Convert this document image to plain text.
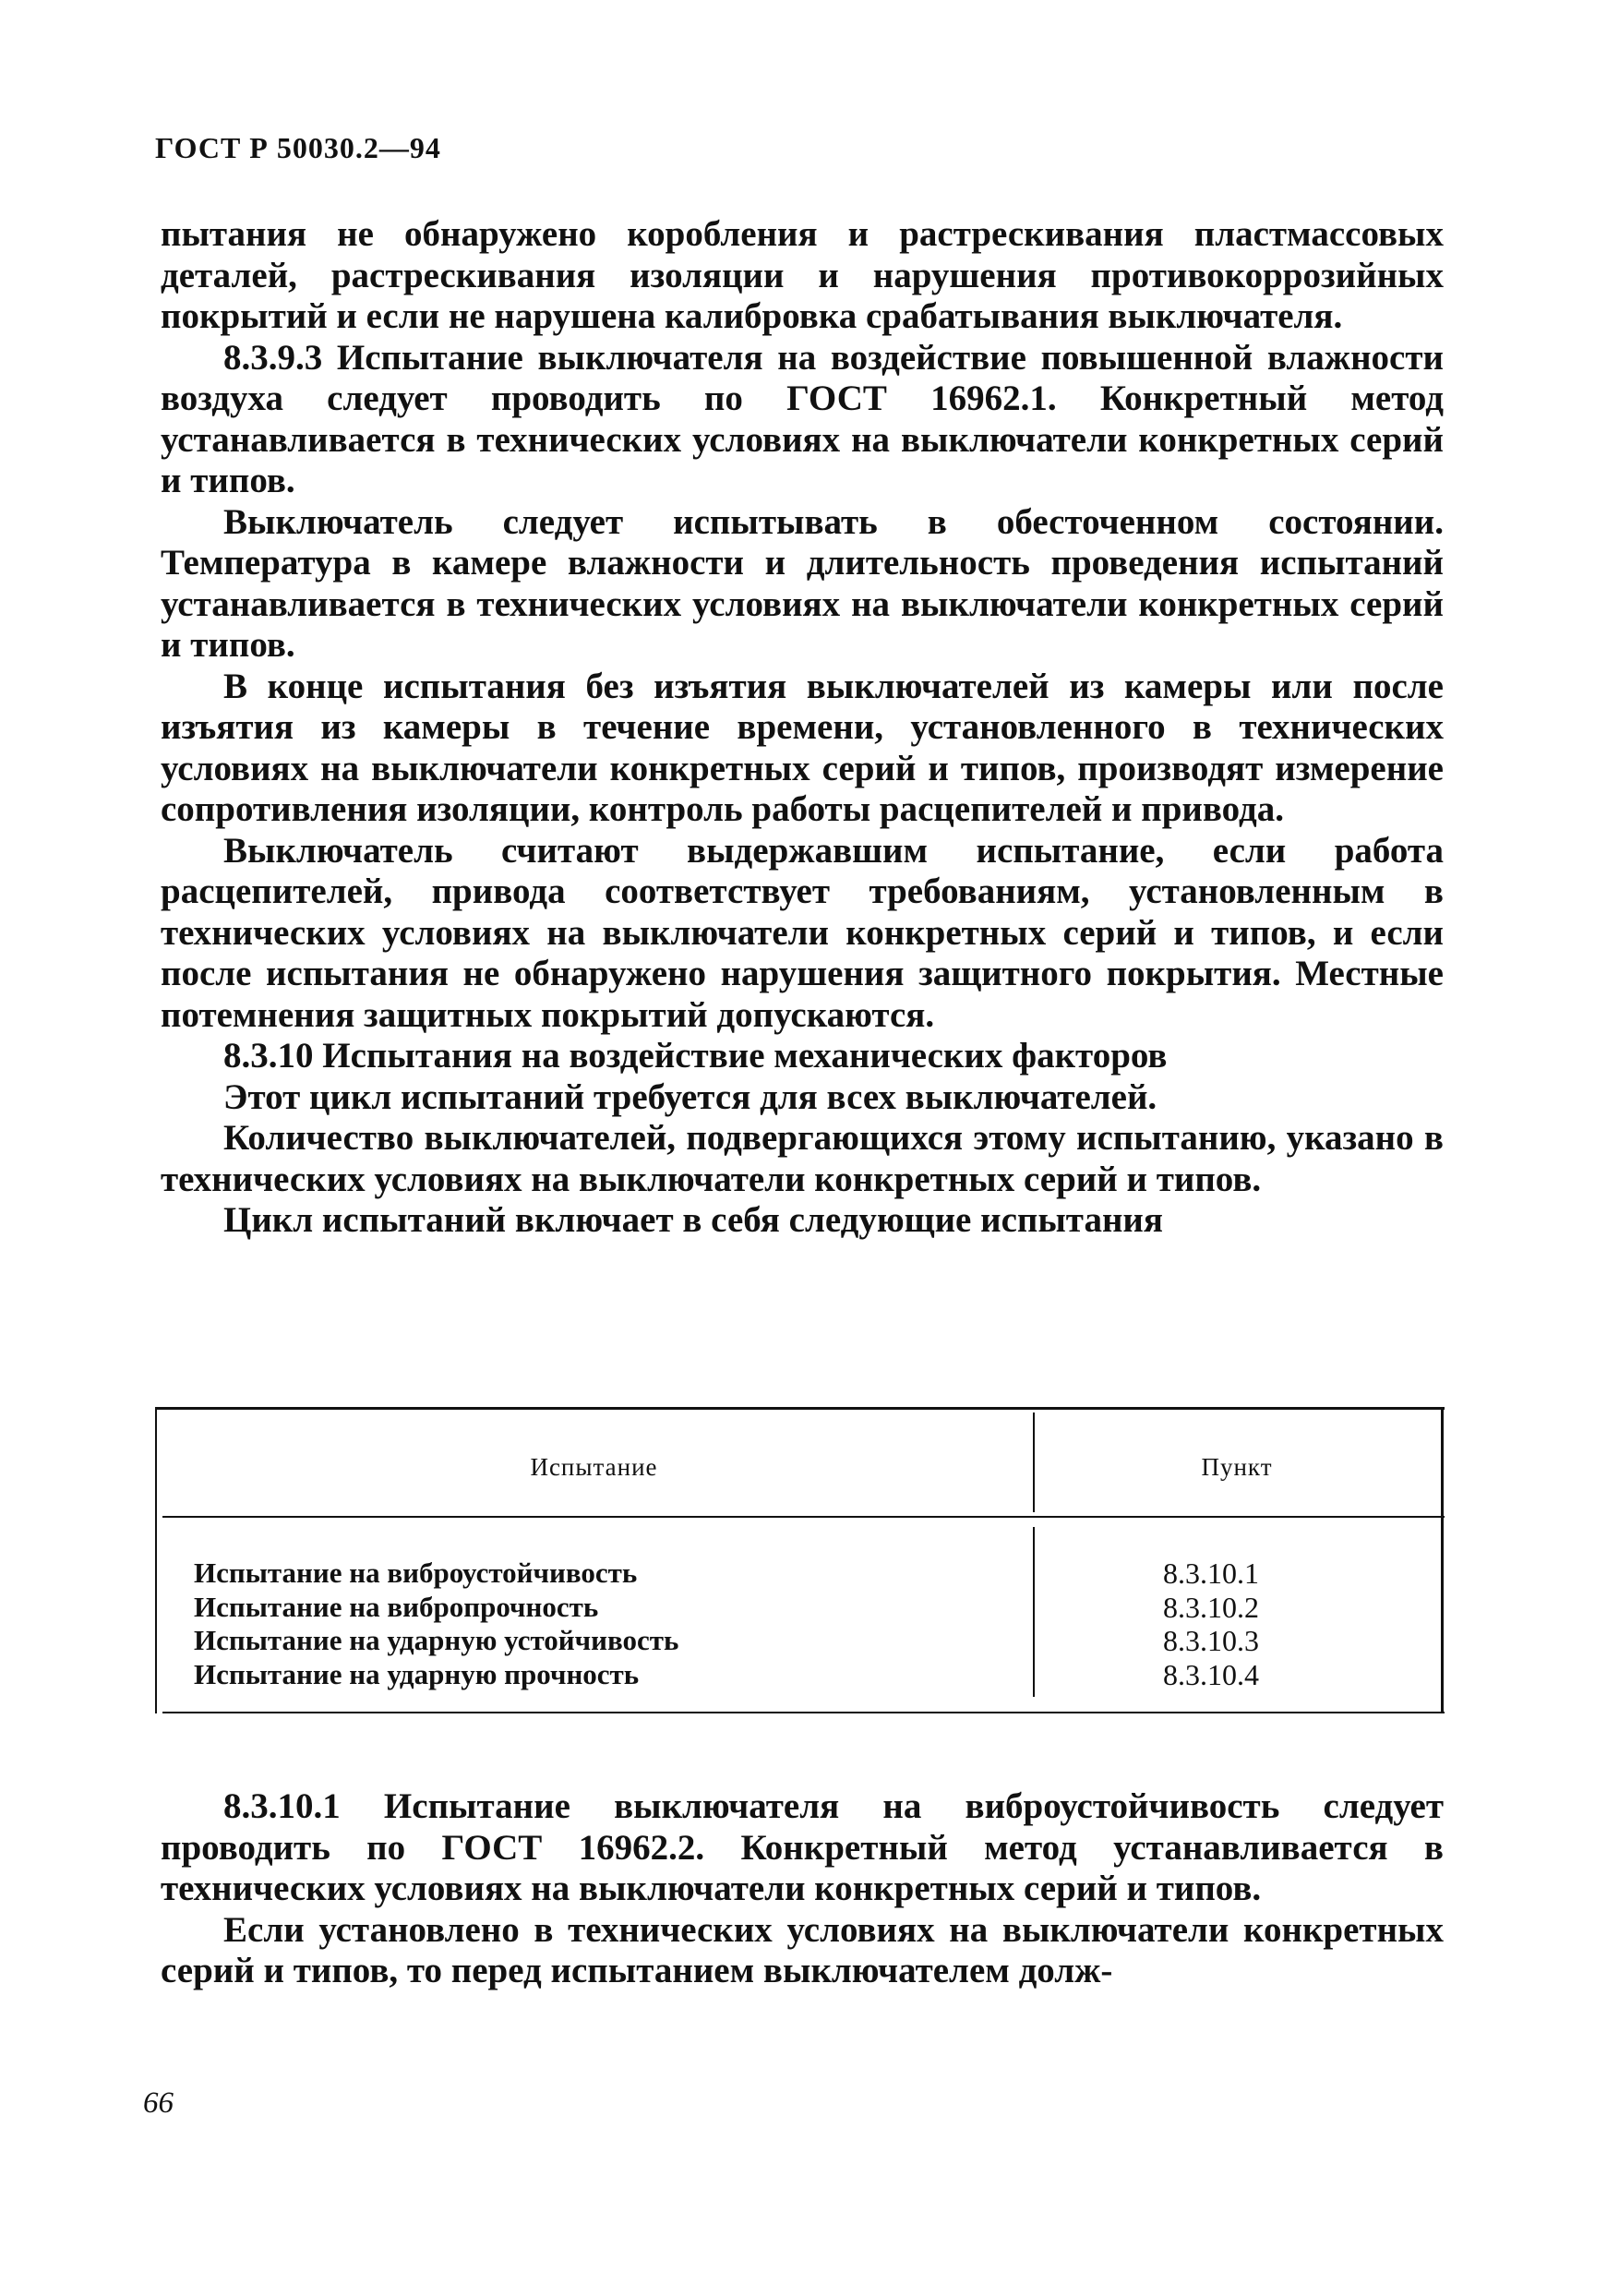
ГОСТ Р 50030.2—94

пытания не обнаружено коробления и растрескивания пластмассовых деталей, растрескивания изоляции и нарушения противокоррозийных покрытий и если не нарушена калибровка срабатывания выключателя.

8.3.9.3 Испытание выключателя на воздействие повышенной влажности воздуха следует проводить по ГОСТ 16962.1. Конкретный метод устанавливается в технических условиях на выключатели конкретных серий и типов.

Выключатель следует испытывать в обесточенном состоянии. Температура в камере влажности и длительность проведения испытаний устанавливается в технических условиях на выключатели конкретных серий и типов.

В конце испытания без изъятия выключателей из камеры или после изъятия из камеры в течение времени, установленного в технических условиях на выключатели конкретных серий и типов, производят измерение сопротивления изоляции, контроль работы расцепителей и привода.

Выключатель считают выдержавшим испытание, если работа расцепителей, привода соответствует требованиям, установленным в технических условиях на выключатели конкретных серий и типов, и если после испытания не обнаружено нарушения защитного покрытия. Местные потемнения защитных покрытий допускаются.

8.3.10 Испытания на воздействие механических факторов

Этот цикл испытаний требуется для всех выключателей.

Количество выключателей, подвергающихся этому испытанию, указано в технических условиях на выключатели конкретных серий и типов.

Цикл испытаний включает в себя следующие испытания

Испытание	Пункт
Испытание на виброустойчивость	8.3.10.1
Испытание на вибропрочность	8.3.10.2
Испытание на ударную устойчивость	8.3.10.3
Испытание на ударную прочность	8.3.10.4

8.3.10.1 Испытание выключателя на виброустойчивость следует проводить по ГОСТ 16962.2. Конкретный метод устанавливается в технических условиях на выключатели конкретных серий и типов.

Если установлено в технических условиях на выключатели конкретных серий и типов, то перед испытанием выключателем долж-

66
